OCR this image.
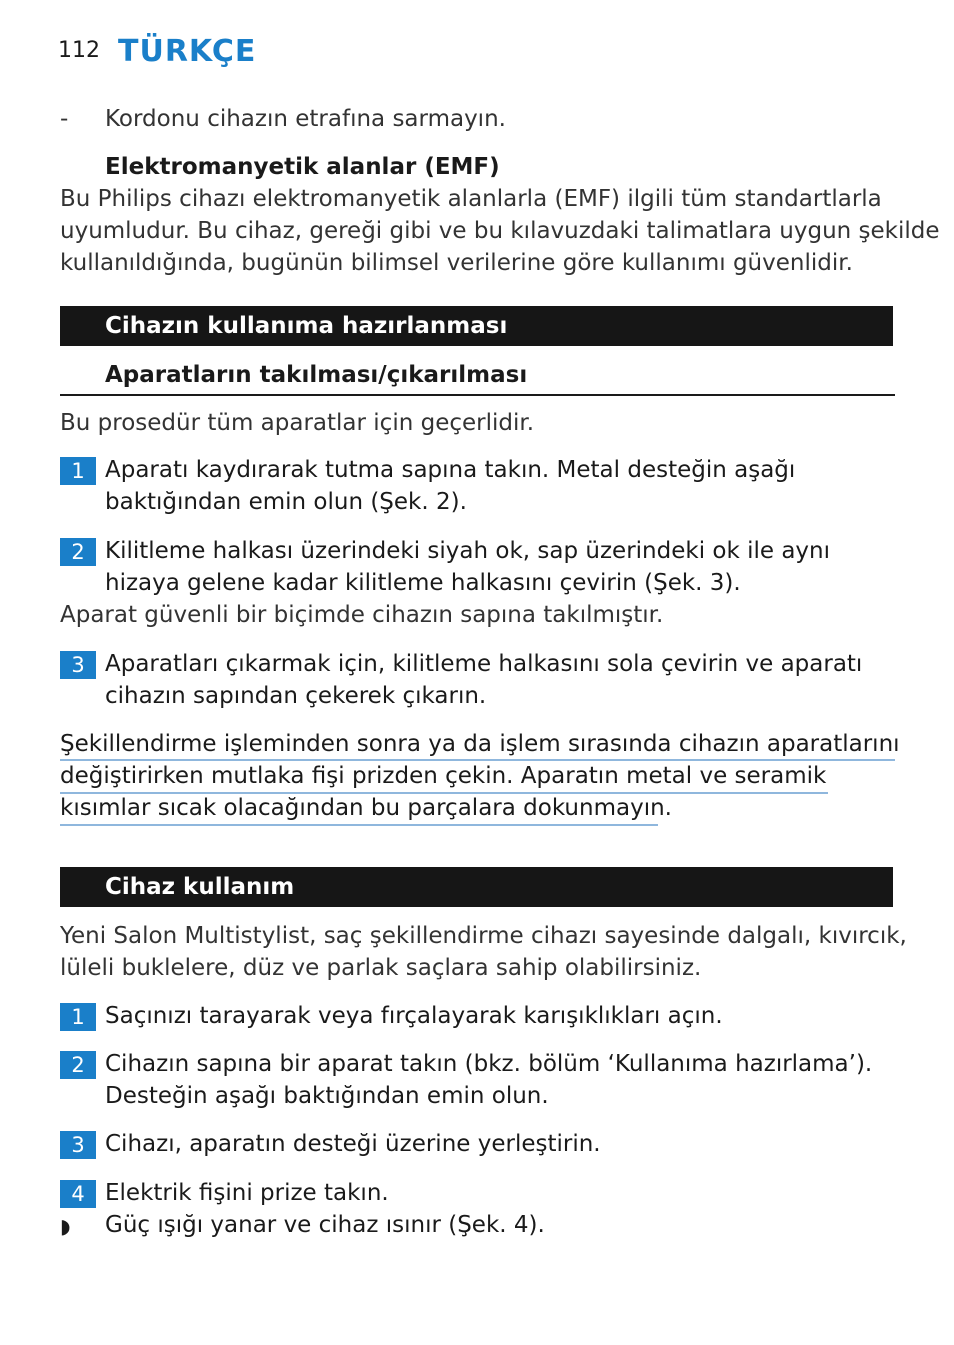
112 TÜRKÇE
- Kordonu cihazın etrafına sarmayın.
Elektromanyetik alanlar (EMF)
Bu Philips cihazı elektromanyetik alanlarla (EMF) ilgili tüm standartlarla
uyumludur. Bu cihaz, gereği gibi ve bu kılavuzdaki talimatlara uygun şekilde
kullanıldığında, bugünün bilimsel verilerine göre kullanımı güvenlidir.
Cihazın kullanıma hazırlanması
Aparatların takılması/çıkarılması
Bu prosedür tüm aparatlar için geçerlidir.
1 Aparatı kaydırarak tutma sapına takın. Metal desteğin aşağı
baktığından emin olun (Şek. 2).
2 Kilitleme halkası üzerindeki siyah ok, sap üzerindeki ok ile aynı
hizaya gelene kadar kilitleme halkasını çevirin (Şek. 3).
Aparat güvenli bir biçimde cihazın sapına takılmıştır.
3 Aparatları çıkarmak için, kilitleme halkasını sola çevirin ve aparatı
cihazın sapından çekerek çıkarın.
Şekillendirme işleminden sonra ya da işlem sırasında cihazın aparatlarını
değiştirirken mutlaka fişi prizden çekin. Aparatın metal ve seramik
kısımlar sıcak olacağından bu parçalara dokunmayın.
Cihaz kullanım
Yeni Salon Multistylist, saç şekillendirme cihazı sayesinde dalgalı, kıvırcık,
lüleli buklelere, düz ve parlak saçlara sahip olabilirsiniz.
1 Saçınızı tarayarak veya fırçalayarak karışıklıkları açın.
2 Cihazın sapına bir aparat takın (bkz. bölüm ‘Kullanıma hazırlama’).
Desteğin aşağı baktığından emin olun.
3 Cihazı, aparatın desteği üzerine yerleştirin.
4 Elektrik fişini prize takın.
◗ Güç ışığı yanar ve cihaz ısınır (Şek. 4).
